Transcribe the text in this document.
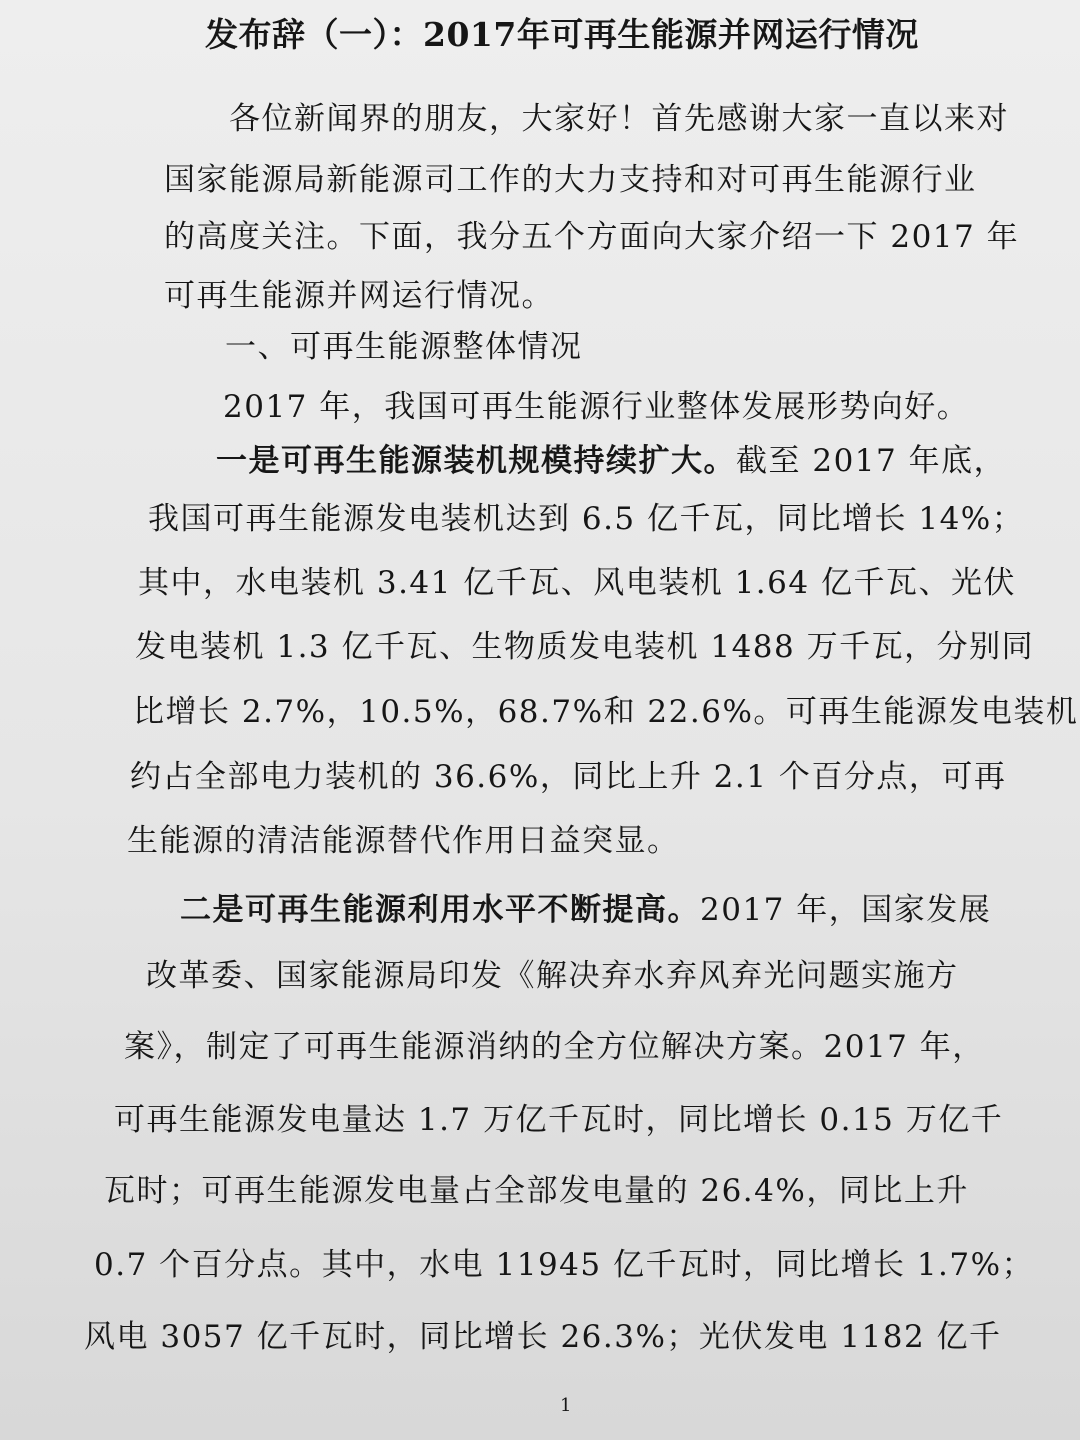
发布辞（一）：2017年可再生能源并网运行情况
各位新闻界的朋友，大家好！首先感谢大家一直以来对
国家能源局新能源司工作的大力支持和对可再生能源行业
的高度关注。下面，我分五个方面向大家介绍一下 2017 年
可再生能源并网运行情况。
一、可再生能源整体情况
2017 年，我国可再生能源行业整体发展形势向好。
一是可再生能源装机规模持续扩大。截至 2017 年底，
我国可再生能源发电装机达到 6.5 亿千瓦，同比增长 14%；
其中，水电装机 3.41 亿千瓦、风电装机 1.64 亿千瓦、光伏
发电装机 1.3 亿千瓦、生物质发电装机 1488 万千瓦，分别同
比增长 2.7%，10.5%，68.7%和 22.6%。可再生能源发电装机
约占全部电力装机的 36.6%，同比上升 2.1 个百分点，可再
生能源的清洁能源替代作用日益突显。
二是可再生能源利用水平不断提高。2017 年，国家发展
改革委、国家能源局印发《解决弃水弃风弃光问题实施方
案》，制定了可再生能源消纳的全方位解决方案。2017 年，
可再生能源发电量达 1.7 万亿千瓦时，同比增长 0.15 万亿千
瓦时；可再生能源发电量占全部发电量的 26.4%，同比上升
0.7 个百分点。其中，水电 11945 亿千瓦时，同比增长 1.7%；
风电 3057 亿千瓦时，同比增长 26.3%；光伏发电 1182 亿千
1
